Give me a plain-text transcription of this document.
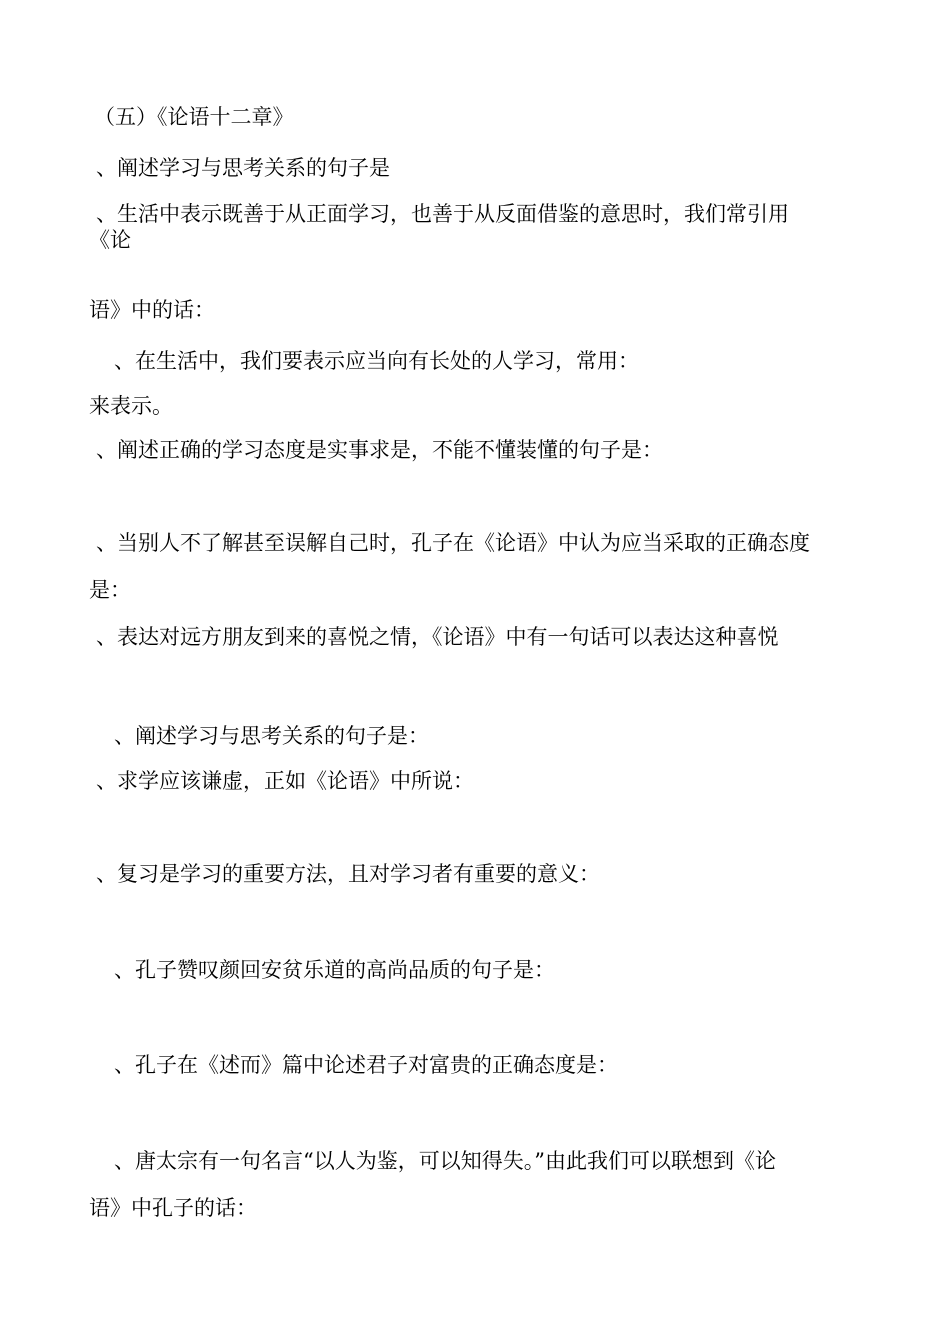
（五）《论语十二章》
、阐述学习与思考关系的句子是
、生活中表示既善于从正面学习，也善于从反面借鉴的意思时，我们常引用
《论
语》中的话：
、在生活中，我们要表示应当向有长处的人学习，常用：
来表示。
、阐述正确的学习态度是实事求是，不能不懂装懂的句子是：
、当别人不了解甚至误解自己时，孔子在《论语》中认为应当采取的正确态度
是：
、表达对远方朋友到来的喜悦之情，《论语》中有一句话可以表达这种喜悦
、阐述学习与思考关系的句子是：
、求学应该谦虚，正如《论语》中所说：
、复习是学习的重要方法，且对学习者有重要的意义：
、孔子赞叹颜回安贫乐道的高尚品质的句子是：
、孔子在《述而》篇中论述君子对富贵的正确态度是：
、唐太宗有一句名言“以人为鉴，可以知得失。”由此我们可以联想到《论
语》中孔子的话：
